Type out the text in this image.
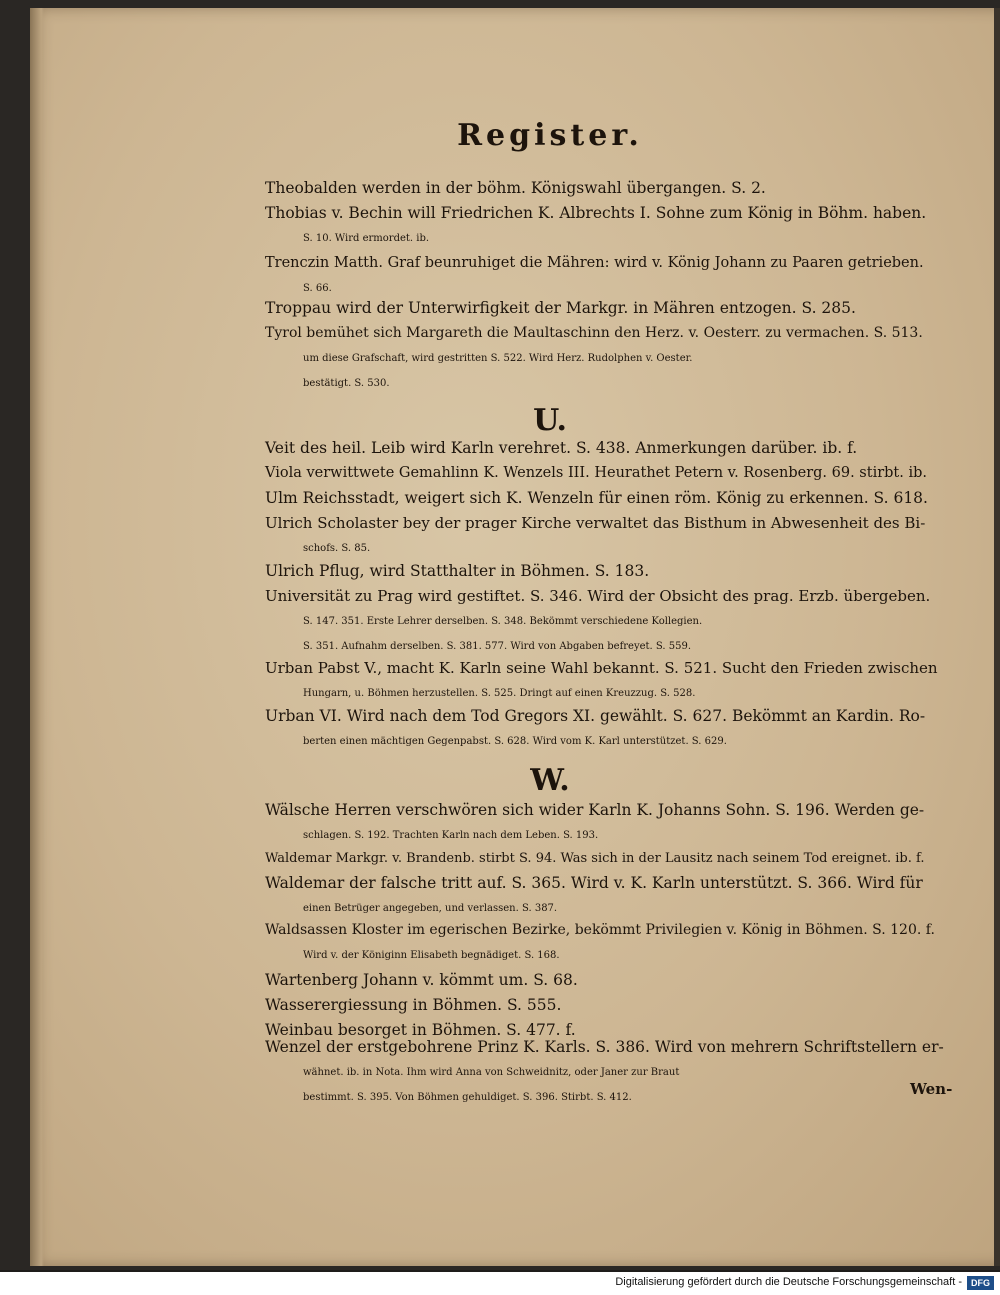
Register.
Theobalden werden in der böhm. Königswahl übergangen. S. 2.
Thobias v. Bechin will Friedrichen K. Albrechts I. Sohne zum König in Böhm. haben.
S. 10. Wird ermordet. ib.
Trenczin Matth. Graf beunruhiget die Mähren: wird v. König Johann zu Paaren getrieben.
S. 66.
Troppau wird der Unterwirfigkeit der Markgr. in Mähren entzogen. S. 285.
Tyrol bemühet sich Margareth die Maultaschinn den Herz. v. Oesterr. zu vermachen. S. 513.
um diese Grafschaft, wird gestritten S. 522. Wird Herz. Rudolphen v. Oester.
bestätigt. S. 530.
U.
Veit des heil. Leib wird Karln verehret. S. 438. Anmerkungen darüber. ib. f.
Viola verwittwete Gemahlinn K. Wenzels III. Heurathet Petern v. Rosenberg. 69. stirbt. ib.
Ulm Reichsstadt, weigert sich K. Wenzeln für einen röm. König zu erkennen. S. 618.
Ulrich Scholaster bey der prager Kirche verwaltet das Bisthum in Abwesenheit des Bi-
schofs. S. 85.
Ulrich Pflug, wird Statthalter in Böhmen. S. 183.
Universität zu Prag wird gestiftet. S. 346. Wird der Obsicht des prag. Erzb. übergeben.
S. 147. 351. Erste Lehrer derselben. S. 348. Bekömmt verschiedene Kollegien.
S. 351. Aufnahm derselben. S. 381. 577. Wird von Abgaben befreyet. S. 559.
Urban Pabst V., macht K. Karln seine Wahl bekannt. S. 521. Sucht den Frieden zwischen
Hungarn, u. Böhmen herzustellen. S. 525. Dringt auf einen Kreuzzug. S. 528.
Urban VI. Wird nach dem Tod Gregors XI. gewählt. S. 627. Bekömmt an Kardin. Ro-
berten einen mächtigen Gegenpabst. S. 628. Wird vom K. Karl unterstützet. S. 629.
W.
Wälsche Herren verschwören sich wider Karln K. Johanns Sohn. S. 196. Werden ge-
schlagen. S. 192. Trachten Karln nach dem Leben. S. 193.
Waldemar Markgr. v. Brandenb. stirbt S. 94. Was sich in der Lausitz nach seinem Tod ereignet. ib. f.
Waldemar der falsche tritt auf. S. 365. Wird v. K. Karln unterstützt. S. 366. Wird für
einen Betrüger angegeben, und verlassen. S. 387.
Waldsassen Kloster im egerischen Bezirke, bekömmt Privilegien v. König in Böhmen. S. 120. f.
Wird v. der Königinn Elisabeth begnädiget. S. 168.
Wartenberg Johann v. kömmt um. S. 68.
Wasserergiessung in Böhmen. S. 555.
Weinbau besorget in Böhmen. S. 477. f.
Wenzel der erstgebohrene Prinz K. Karls. S. 386. Wird von mehrern Schriftstellern er-
wähnet. ib. in Nota. Ihm wird Anna von Schweidnitz, oder Janer zur Braut
bestimmt. S. 395. Von Böhmen gehuldiget. S. 396. Stirbt. S. 412.	Wen-
Digitalisierung gefördert durch die Deutsche Forschungsgemeinschaft -	DFG
